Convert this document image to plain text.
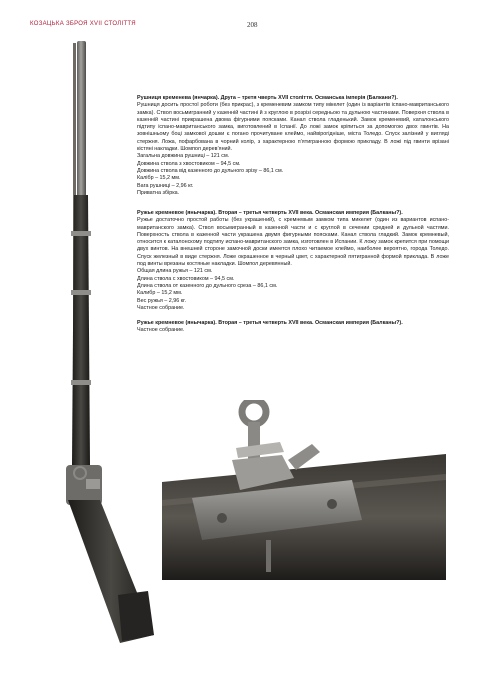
КОЗАЦЬКА ЗБРОЯ XVII СТОЛІТТЯ	208
Рушниця кременева (янчарка). Друга – третя чверть XVII століття. Османська імперія (Балкани?).
Рушниця досить простої роботи (без прикрас), з кременевим замком типу мікелет (один із варіантів іспано-мавританського замка). Ствол восьмигранний у казенній частині й з круглою в розрізі середньою та дульною частинами. Поверхня ствола в казенній частині прикрашена двома фігурними поясками. Канал ствола гладенький. Замок кременевий, каталонського підтипу іспано-мавританського замка, виготовлений в Іспанії. До ложі замок кріпиться за допомогою двох гвинтів. На зовнішньому боці замкової дошки є погано прочитуване клеймо, найвірогідніше, міста Толедо. Спуск залізний у вигляді стержня. Ложа, пофарбована в чорний колір, з характерною п’ятигранною формою прикладу. В ложі під гвинти врізані кістяні накладки. Шомпол дерев’яний.
Загальна довжина рушниці – 121 см.
Довжина ствола з хвостовиком – 94,5 см.
Довжина ствола від казенного до дульного зрізу – 86,1 см.
Калібр – 15,2 мм.
Вага рушниці – 2,96 кг.
Приватна збірка.
Ружье кремневое (янычарка). Вторая – третья четверть XVII века. Османская империя (Балканы?).
Ружье достаточно простой работы (без украшений), с кремневым замком типа микелет (один из вариантов испано-мавританского замка). Ствол восьмигранный в казенной части и с круглой в сечении средней и дульной частями. Поверхность ствола в казенной части украшена двумя фигурными поясками. Канал ствола гладкий. Замок кремневый, относится к каталонскому подтипу испано-мавританского замка, изготовлен в Испании. К ложу замок крепится при помощи двух винтов. На внешней стороне замочной доски имеется плохо читаемое клеймо, наиболее вероятно, города Толедо. Спуск железный в виде стержня. Ложе окрашенное в черный цвет, с характерной пятигранной формой приклада. В ложе под винты врезаны костяные накладки. Шомпол деревянный.
Общая длина ружья – 121 см.
Длина ствола с хвостовиком – 94,5 см.
Длина ствола от казенного до дульного среза – 86,1 см.
Калибр – 15,2 мм.
Вес ружья – 2,96 кг.
Частное собрание.
Ружье кремневое (янычарка). Вторая – третья четверть XVII века. Османская империя (Балканы?).
Частное собрание.
